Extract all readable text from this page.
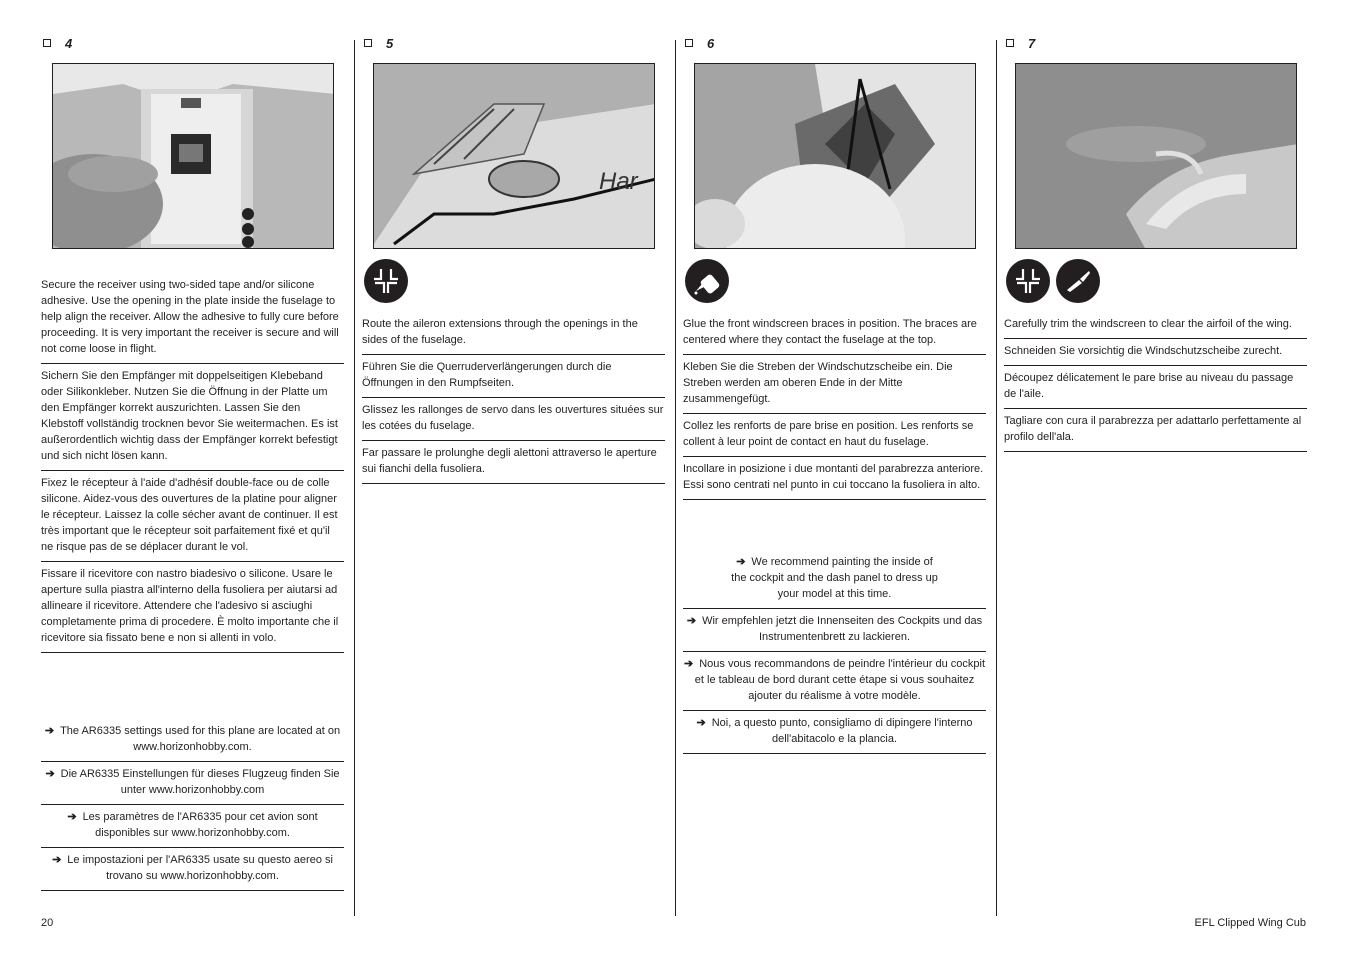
4

Secure the receiver using two-sided tape and/or silicone adhesive. Use the opening in the plate inside the fuselage to help align the receiver. Allow the adhesive to fully cure before proceeding. It is very important the receiver is secure and will not come loose in flight.

Sichern Sie den Empfänger mit doppelseitigen Klebeband oder Silikonkleber. Nutzen Sie die Öffnung in der Platte um den Empfänger korrekt auszurichten. Lassen Sie den Klebstoff vollständig trocknen bevor Sie weitermachen. Es ist außerordentlich wichtig dass der Empfänger korrekt befestigt und sich nicht lösen kann.

Fixez le récepteur à l'aide d'adhésif double-face ou de colle silicone. Aidez-vous des ouvertures de la platine pour aligner le récepteur. Laissez la colle sécher avant de continuer. Il est très important que le récepteur soit parfaitement fixé et qu'il ne risque pas de se déplacer durant le vol.

Fissare il ricevitore con nastro biadesivo o silicone. Usare le aperture sulla piastra all'interno della fusoliera per aiutarsi ad allineare il ricevitore. Attendere che l'adesivo si asciughi completamente prima di procedere. È molto importante che il ricevitore sia fissato bene e non si allenti in volo.

➔ The AR6335 settings used for this plane are located at on www.horizonhobby.com.

➔ Die AR6335 Einstellungen für dieses Flugzeug finden Sie unter www.horizonhobby.com

➔ Les paramètres de l'AR6335 pour cet avion sont disponibles sur www.horizonhobby.com.

➔ Le impostazioni per l'AR6335 usate su questo aereo si trovano su www.horizonhobby.com.

5
Har

Route the aileron extensions through the openings in the sides of the fuselage.

Führen Sie die Querruderverlängerungen durch die Öffnungen in den Rumpfseiten.

Glissez les rallonges de servo dans les ouvertures situées sur les cotées du fuselage.

Far passare le prolunghe degli alettoni attraverso le aperture sui fianchi della fusoliera.

6

Glue the front windscreen braces in position. The braces are centered where they contact the fuselage at the top.

Kleben Sie die Streben der Windschutzscheibe ein. Die Streben werden am oberen Ende in der Mitte zusammengefügt.

Collez les renforts de pare brise en position. Les renforts se collent à leur point de contact en haut du fuselage.

Incollare in posizione i due montanti del parabrezza anteriore. Essi sono centrati nel punto in cui toccano la fusoliera in alto.

➔ We recommend painting the inside of the cockpit and the dash panel to dress up your model at this time.

➔ Wir empfehlen jetzt die Innenseiten des Cockpits und das Instrumentenbrett zu lackieren.

➔ Nous vous recommandons de peindre l'intérieur du cockpit et le tableau de bord durant cette étape si vous souhaitez ajouter du réalisme à votre modèle.

➔ Noi, a questo punto, consigliamo di dipingere l'interno dell'abitacolo e la plancia.

7

Carefully trim the windscreen to clear the airfoil of the wing.

Schneiden Sie vorsichtig die Windschutzscheibe zurecht.

Découpez délicatement le pare brise au niveau du passage de l'aile.

Tagliare con cura il parabrezza per adattarlo perfettamente al profilo dell'ala.

20	EFL Clipped Wing Cub
